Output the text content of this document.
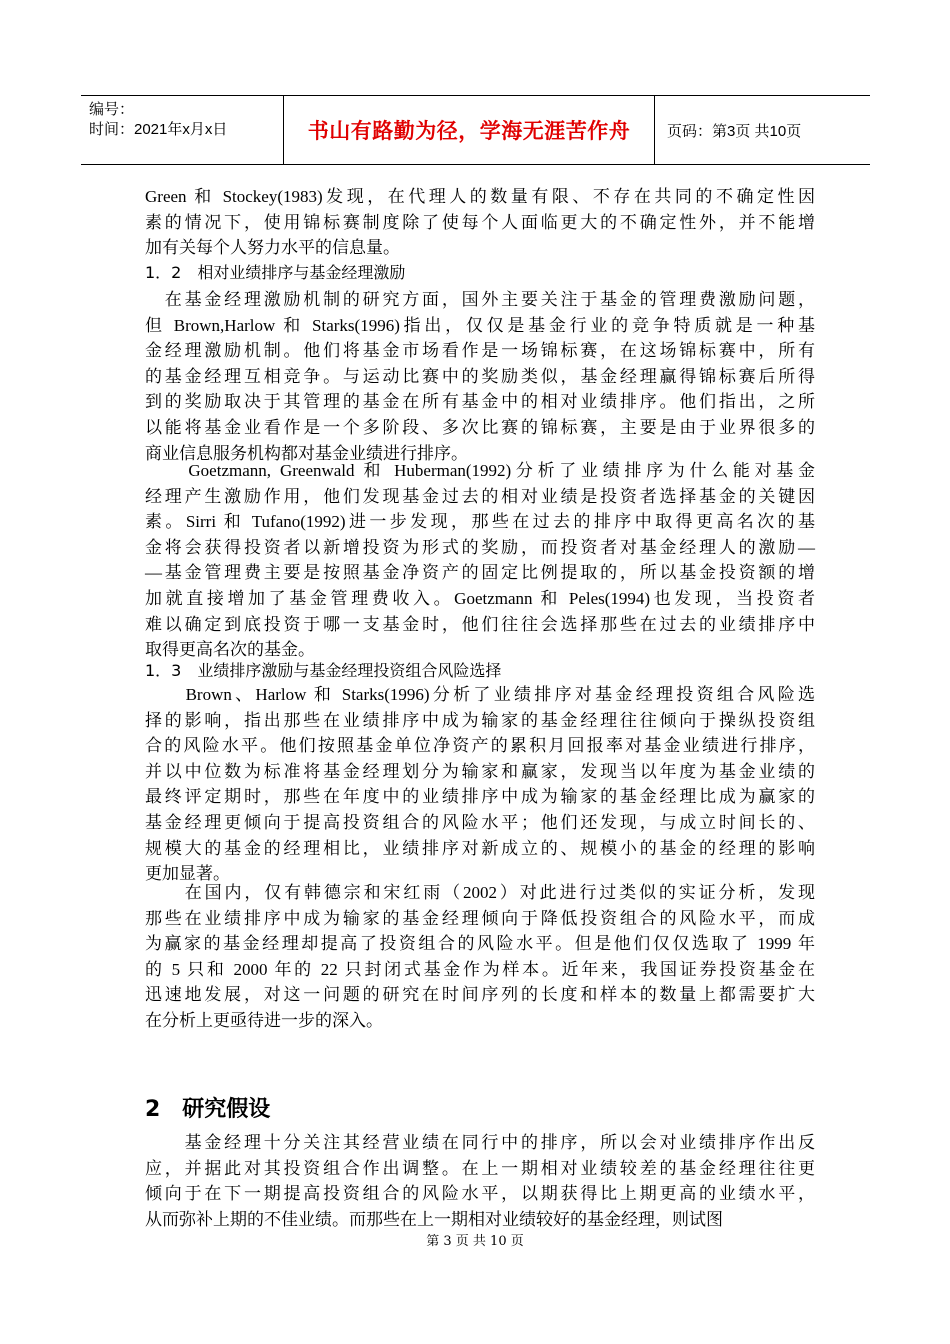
编号：
时间：2021年x月x日	书山有路勤为径，学海无涯苦作舟	页码：第3页 共10页
Green 和 Stockey(1983)发现，在代理人的数量有限、不存在共同的不确定性因
素的情况下，使用锦标赛制度除了使每个人面临更大的不确定性外，并不能增
加有关每个人努力水平的信息量。
1．2　相对业绩排序与基金经理激励
　在基金经理激励机制的研究方面，国外主要关注于基金的管理费激励问题，
但 Brown,Harlow 和 Starks(1996)指出，仅仅是基金行业的竞争特质就是一种基
金经理激励机制。他们将基金市场看作是一场锦标赛，在这场锦标赛中，所有
的基金经理互相竞争。与运动比赛中的奖励类似，基金经理赢得锦标赛后所得
到的奖励取决于其管理的基金在所有基金中的相对业绩排序。他们指出，之所
以能将基金业看作是一个多阶段、多次比赛的锦标赛，主要是由于业界很多的
商业信息服务机构都对基金业绩进行排序。
　　Goetzmann, Greenwald 和 Huberman(1992)分析了业绩排序为什么能对基金
经理产生激励作用，他们发现基金过去的相对业绩是投资者选择基金的关键因
素。Sirri 和 Tufano(1992)进一步发现，那些在过去的排序中取得更高名次的基
金将会获得投资者以新增投资为形式的奖励，而投资者对基金经理人的激励—
—基金管理费主要是按照基金净资产的固定比例提取的，所以基金投资额的增
加就直接增加了基金管理费收入。Goetzmann 和 Peles(1994)也发现，当投资者
难以确定到底投资于哪一支基金时，他们往往会选择那些在过去的业绩排序中
取得更高名次的基金。
1．3　业绩排序激励与基金经理投资组合风险选择
　　Brown、Harlow 和 Starks(1996)分析了业绩排序对基金经理投资组合风险选
择的影响，指出那些在业绩排序中成为输家的基金经理往往倾向于操纵投资组
合的风险水平。他们按照基金单位净资产的累积月回报率对基金业绩进行排序，
并以中位数为标准将基金经理划分为输家和赢家，发现当以年度为基金业绩的
最终评定期时，那些在年度中的业绩排序中成为输家的基金经理比成为赢家的
基金经理更倾向于提高投资组合的风险水平；他们还发现，与成立时间长的、
规模大的基金的经理相比，业绩排序对新成立的、规模小的基金的经理的影响
更加显著。
　　在国内，仅有韩德宗和宋红雨（2002）对此进行过类似的实证分析，发现
那些在业绩排序中成为输家的基金经理倾向于降低投资组合的风险水平，而成
为赢家的基金经理却提高了投资组合的风险水平。但是他们仅仅选取了 1999 年
的 5 只和 2000 年的 22 只封闭式基金作为样本。近年来，我国证券投资基金在
迅速地发展，对这一问题的研究在时间序列的长度和样本的数量上都需要扩大
在分析上更亟待进一步的深入。
2　研究假设
　　基金经理十分关注其经营业绩在同行中的排序，所以会对业绩排序作出反
应，并据此对其投资组合作出调整。在上一期相对业绩较差的基金经理往往更
倾向于在下一期提高投资组合的风险水平，以期获得比上期更高的业绩水平，
从而弥补上期的不佳业绩。而那些在上一期相对业绩较好的基金经理，则试图
第 3 页 共 10 页
